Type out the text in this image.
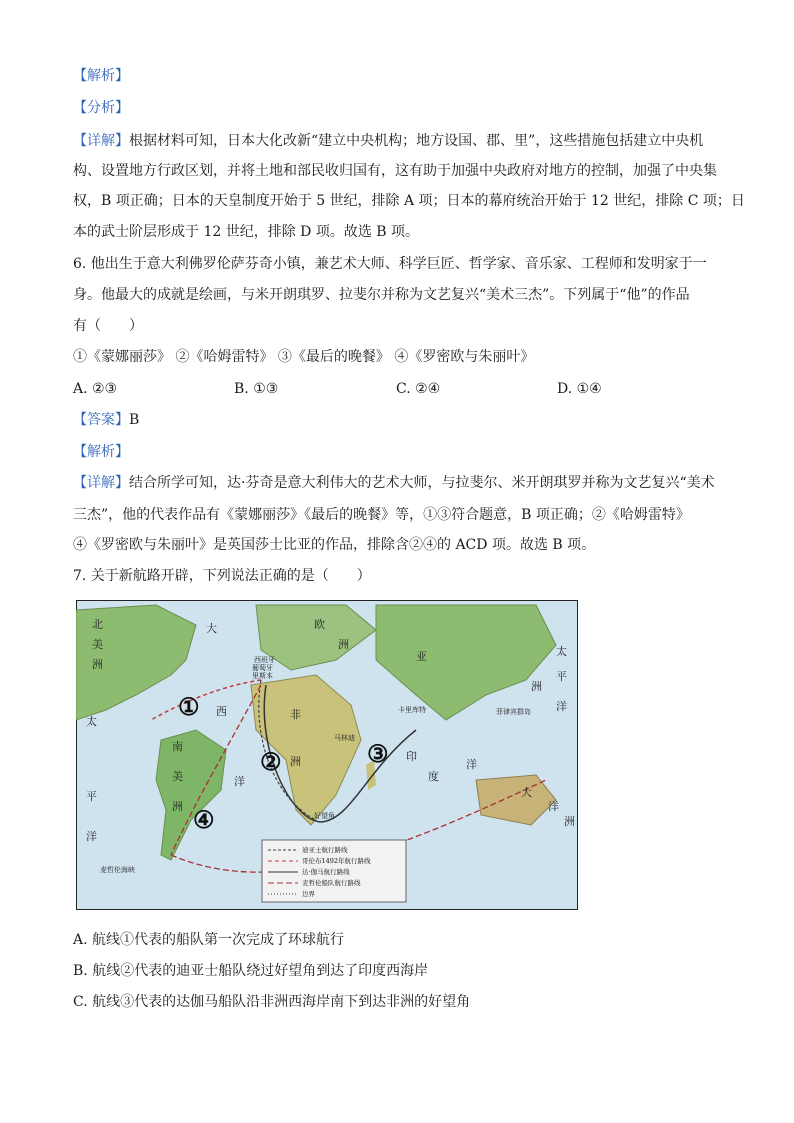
【解析】
【分析】
【详解】根据材料可知，日本大化改新“建立中央机构；地方设国、郡、里”，这些措施包括建立中央机
构、设置地方行政区划，并将土地和部民收归国有，这有助于加强中央政府对地方的控制，加强了中央集
权，B 项正确；日本的天皇制度开始于 5 世纪，排除 A 项；日本的幕府统治开始于 12 世纪，排除 C 项；日
本的武士阶层形成于 12 世纪，排除 D 项。故选 B 项。
6. 他出生于意大利佛罗伦萨芬奇小镇，兼艺术大师、科学巨匠、哲学家、音乐家、工程师和发明家于一
身。他最大的成就是绘画，与米开朗琪罗、拉斐尔并称为文艺复兴“美术三杰”。下列属于“他”的作品
有（　　）
①《蒙娜丽莎》 ②《哈姆雷特》 ③《最后的晚餐》 ④《罗密欧与朱丽叶》
A. ②③	B. ①③	C. ②④	D. ①④
【答案】B
【解析】
【详解】结合所学可知，达·芬奇是意大利伟大的艺术大师，与拉斐尔、米开朗琪罗并称为文艺复兴“美术
三杰”，他的代表作品有《蒙娜丽莎》《最后的晚餐》等，①③符合题意，B 项正确；②《哈姆雷特》
④《罗密欧与朱丽叶》是英国莎士比亚的作品，排除含②④的 ACD 项。故选 B 项。
7. 关于新航路开辟，下列说法正确的是（　　）
①
②	③
④
北
美
洲
大
西
洋
太
平
洋
南
美
洲
欧
洲
亚
洲
非
洲	印
度
洋
大
洋
洲
太
平
洋
西班牙
葡萄牙
里斯本
马林迪
卡里库特	菲律宾群岛
好望角
麦哲伦海峡
迪亚士航行路线
哥伦布1492年航行路线
达·伽马航行路线
麦哲伦船队航行路线
边界
A. 航线①代表的船队第一次完成了环球航行
B. 航线②代表的迪亚士船队绕过好望角到达了印度西海岸
C. 航线③代表的达伽马船队沿非洲西海岸南下到达非洲的好望角
